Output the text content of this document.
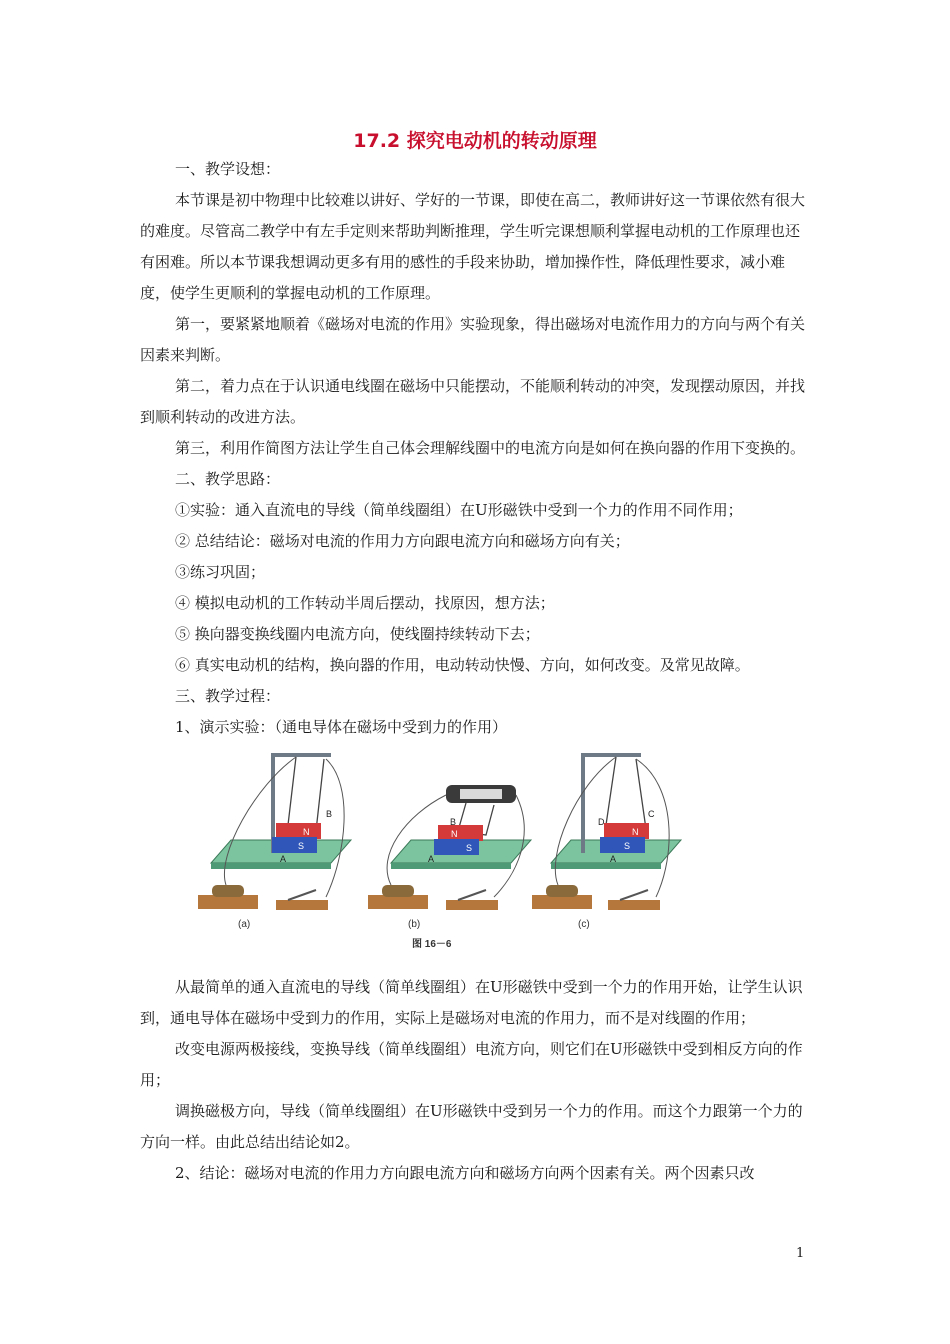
17.2 探究电动机的转动原理

一、教学设想：

本节课是初中物理中比较难以讲好、学好的一节课，即使在高二，教师讲好这一节课依然有很大的难度。尽管高二教学中有左手定则来帮助判断推理，学生听完课想顺利掌握电动机的工作原理也还有困难。所以本节课我想调动更多有用的感性的手段来协助，增加操作性，降低理性要求，减小难度，使学生更顺利的掌握电动机的工作原理。

第一，要紧紧地顺着《磁场对电流的作用》实验现象，得出磁场对电流作用力的方向与两个有关因素来判断。

第二，着力点在于认识通电线圈在磁场中只能摆动，不能顺利转动的冲突，发现摆动原因，并找到顺利转动的改进方法。

第三，利用作简图方法让学生自己体会理解线圈中的电流方向是如何在换向器的作用下变换的。

二、教学思路：

①实验：通入直流电的导线（简单线圈组）在U形磁铁中受到一个力的作用不同作用；

② 总结结论：磁场对电流的作用力方向跟电流方向和磁场方向有关；

③练习巩固；

④ 模拟电动机的工作转动半周后摆动，找原因，想方法；

⑤ 换向器变换线圈内电流方向，使线圈持续转动下去；

⑥ 真实电动机的结构，换向器的作用，电动转动快慢、方向，如何改变。及常见故障。

三、教学过程：

1、演示实验：（通电导体在磁场中受到力的作用）

N
S
A
B
(a)
N
S
A
B
(b)
N
S
A
C
D
(c)
图 16－6

从最简单的通入直流电的导线（简单线圈组）在U形磁铁中受到一个力的作用开始，让学生认识到，通电导体在磁场中受到力的作用，实际上是磁场对电流的作用力，而不是对线圈的作用；

改变电源两极接线，变换导线（简单线圈组）电流方向，则它们在U形磁铁中受到相反方向的作用；

调换磁极方向，导线（简单线圈组）在U形磁铁中受到另一个力的作用。而这个力跟第一个力的方向一样。由此总结出结论如2。

2、结论：磁场对电流的作用力方向跟电流方向和磁场方向两个因素有关。两个因素只改

1
